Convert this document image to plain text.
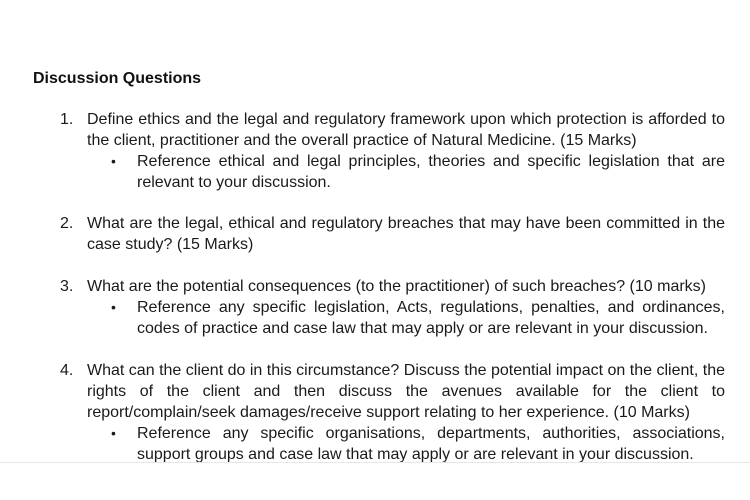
Discussion Questions
1. Define ethics and the legal and regulatory framework upon which protection is afforded to the client, practitioner and the overall practice of Natural Medicine. (15 Marks)
• Reference ethical and legal principles, theories and specific legislation that are relevant to your discussion.
2. What are the legal, ethical and regulatory breaches that may have been committed in the case study? (15 Marks)
3. What are the potential consequences (to the practitioner) of such breaches? (10 marks)
• Reference any specific legislation, Acts, regulations, penalties, and ordinances, codes of practice and case law that may apply or are relevant in your discussion.
4. What can the client do in this circumstance? Discuss the potential impact on the client, the rights of the client and then discuss the avenues available for the client to report/complain/seek damages/receive support relating to her experience. (10 Marks)
• Reference any specific organisations, departments, authorities, associations, support groups and case law that may apply or are relevant in your discussion.
